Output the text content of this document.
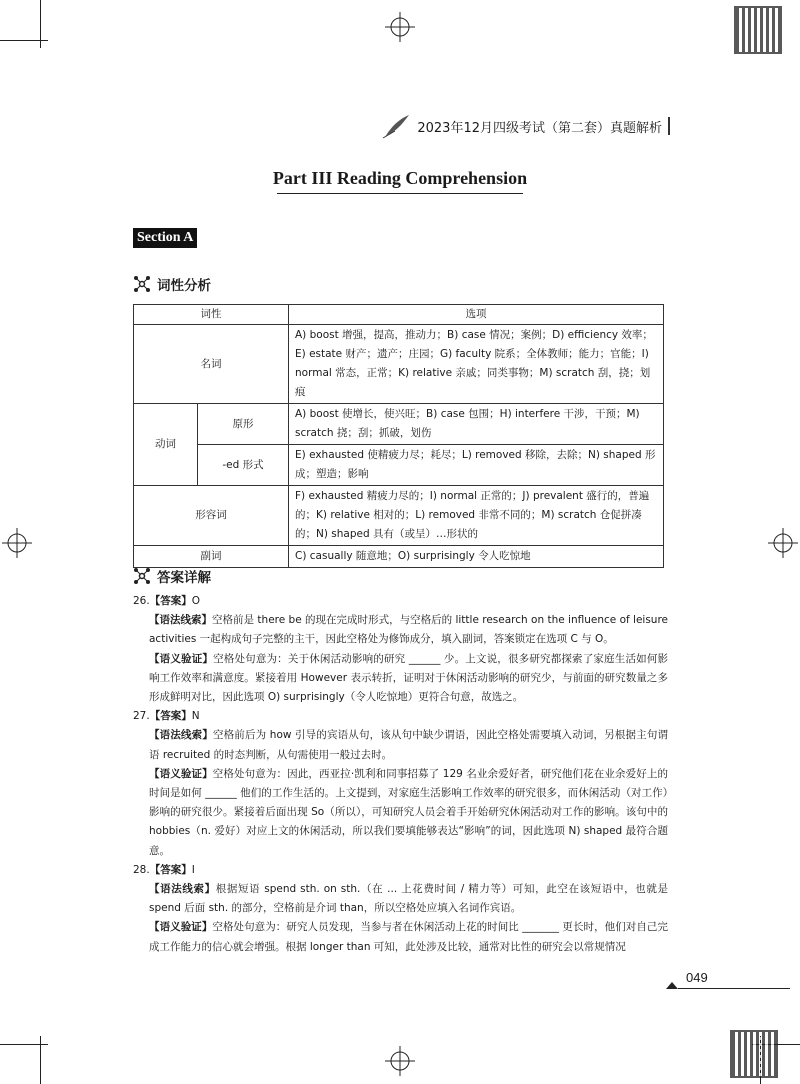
2023年12月四级考试（第二套）真题解析
Part III Reading Comprehension
Section A
词性分析
词性		选项
名词		A) boost 增强，提高，推动力；B) case 情况；案例；D) efficiency 效率；E) estate 财产；遗产；庄园；G) faculty 院系；全体教师；能力；官能；I) normal 常态，正常；K) relative 亲戚；同类事物；M) scratch 刮，挠；划痕
动词	原形	A) boost 使增长，使兴旺；B) case 包围；H) interfere 干涉，干预；M) scratch 挠；刮；抓破，划伤
	-ed 形式	E) exhausted 使精疲力尽；耗尽；L) removed 移除，去除；N) shaped 形成；塑造；影响
形容词		F) exhausted 精疲力尽的；I) normal 正常的；J) prevalent 盛行的，普遍的；K) relative 相对的；L) removed 非常不同的；M) scratch 仓促拼凑的；N) shaped 具有（或呈）…形状的
副词		C) casually 随意地；O) surprisingly 令人吃惊地
答案详解

26.【答案】O

【语法线索】空格前是 there be 的现在完成时形式，与空格后的 little research on the influence of leisure activities 一起构成句子完整的主干，因此空格处为修饰成分，填入副词，答案锁定在选项 C 与 O。

【语义验证】空格处句意为：关于休闲活动影响的研究 ______ 少。上文说，很多研究都探索了家庭生活如何影响工作效率和满意度。紧接着用 However 表示转折，证明对于休闲活动影响的研究少，与前面的研究数量之多形成鲜明对比，因此选项 O) surprisingly（令人吃惊地）更符合句意，故选之。

27.【答案】N

【语法线索】空格前后为 how 引导的宾语从句，该从句中缺少谓语，因此空格处需要填入动词，另根据主句谓语 recruited 的时态判断，从句需使用一般过去时。

【语义验证】空格处句意为：因此，西亚拉·凯利和同事招募了 129 名业余爱好者，研究他们花在业余爱好上的时间是如何 ______ 他们的工作生活的。上文提到，对家庭生活影响工作效率的研究很多，而休闲活动（对工作）影响的研究很少。紧接着后面出现 So（所以），可知研究人员会着手开始研究休闲活动对工作的影响。该句中的 hobbies（n. 爱好）对应上文的休闲活动，所以我们要填能够表达“影响”的词，因此选项 N) shaped 最符合题意。

28.【答案】I

【语法线索】根据短语 spend sth. on sth.（在 ... 上花费时间 / 精力等）可知，此空在该短语中，也就是 spend 后面 sth. 的部分，空格前是介词 than，所以空格处应填入名词作宾语。

【语义验证】空格处句意为：研究人员发现，当参与者在休闲活动上花的时间比 _______ 更长时，他们对自己完成工作能力的信心就会增强。根据 longer than 可知，此处涉及比较，通常对比性的研究会以常规情况

049
